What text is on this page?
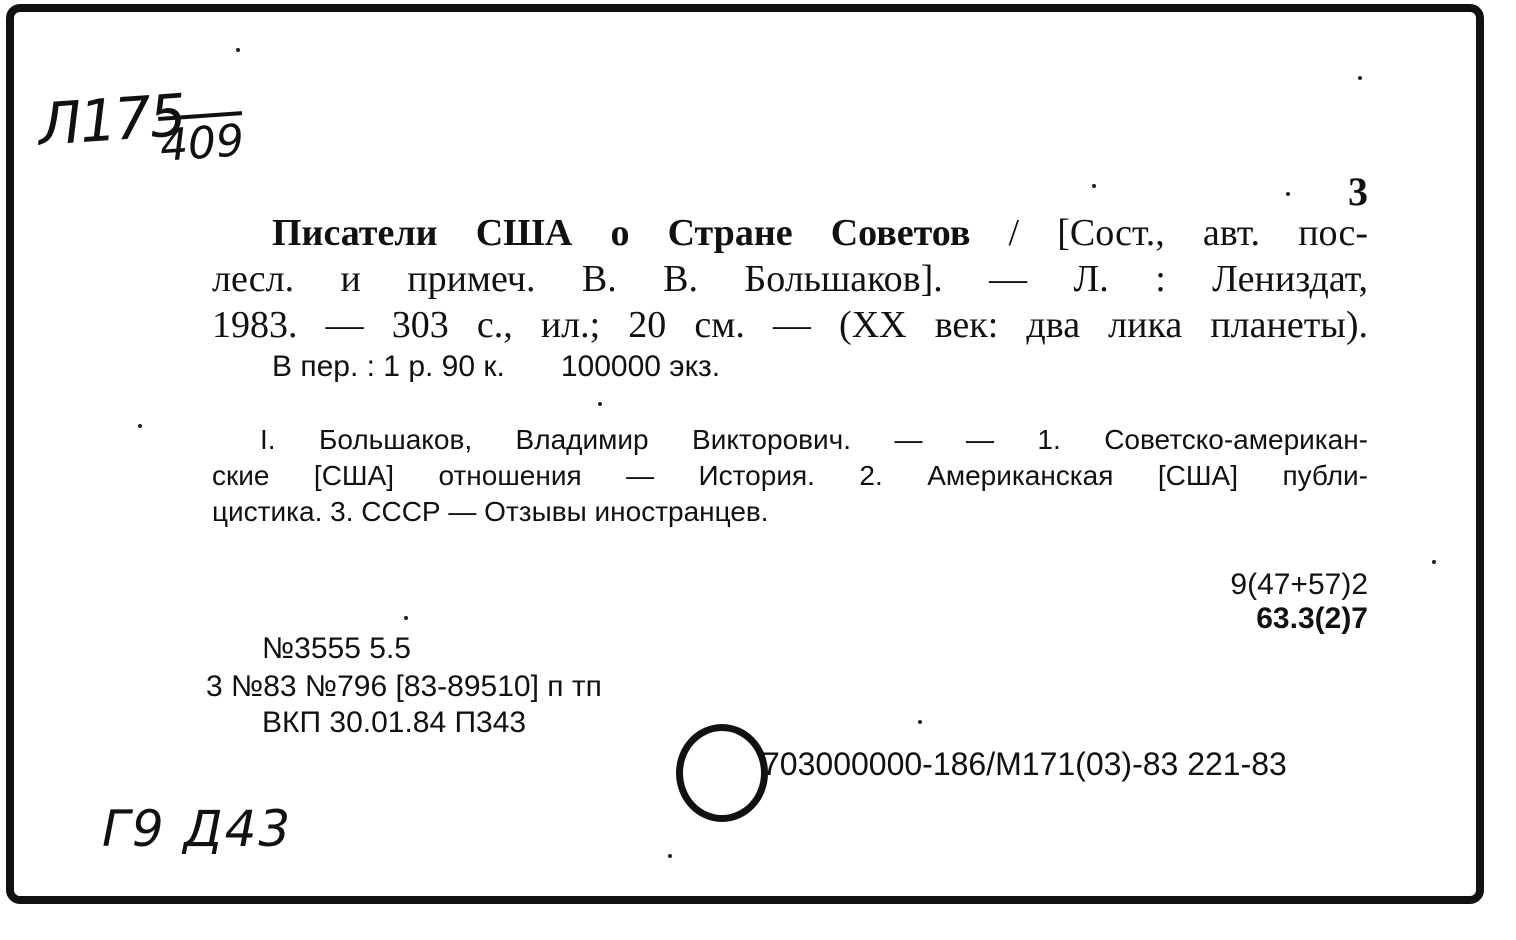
Л175
409
3
Писатели США о Стране Советов / [Сост., авт. пос-
лесл. и примеч. В. В. Большаков]. — Л. : Лениздат,
1983. — 303 с., ил.; 20 см. — (XX век: два лика планеты).
В пер. : 1 р. 90 к. 100000 экз.
I. Большаков, Владимир Викторович. — — 1. Советско-американ-
ские [США] отношения — История. 2. Американская [США] публи-
цистика. 3. СССР — Отзывы иностранцев.
9(47+57)2
63.3(2)7
№3555 5.5
3 №83 №796 [83-89510] п тп
ВКП 30.01.84 П343
703000000-186/М171(03)-83 221-83
Г9 Д43
